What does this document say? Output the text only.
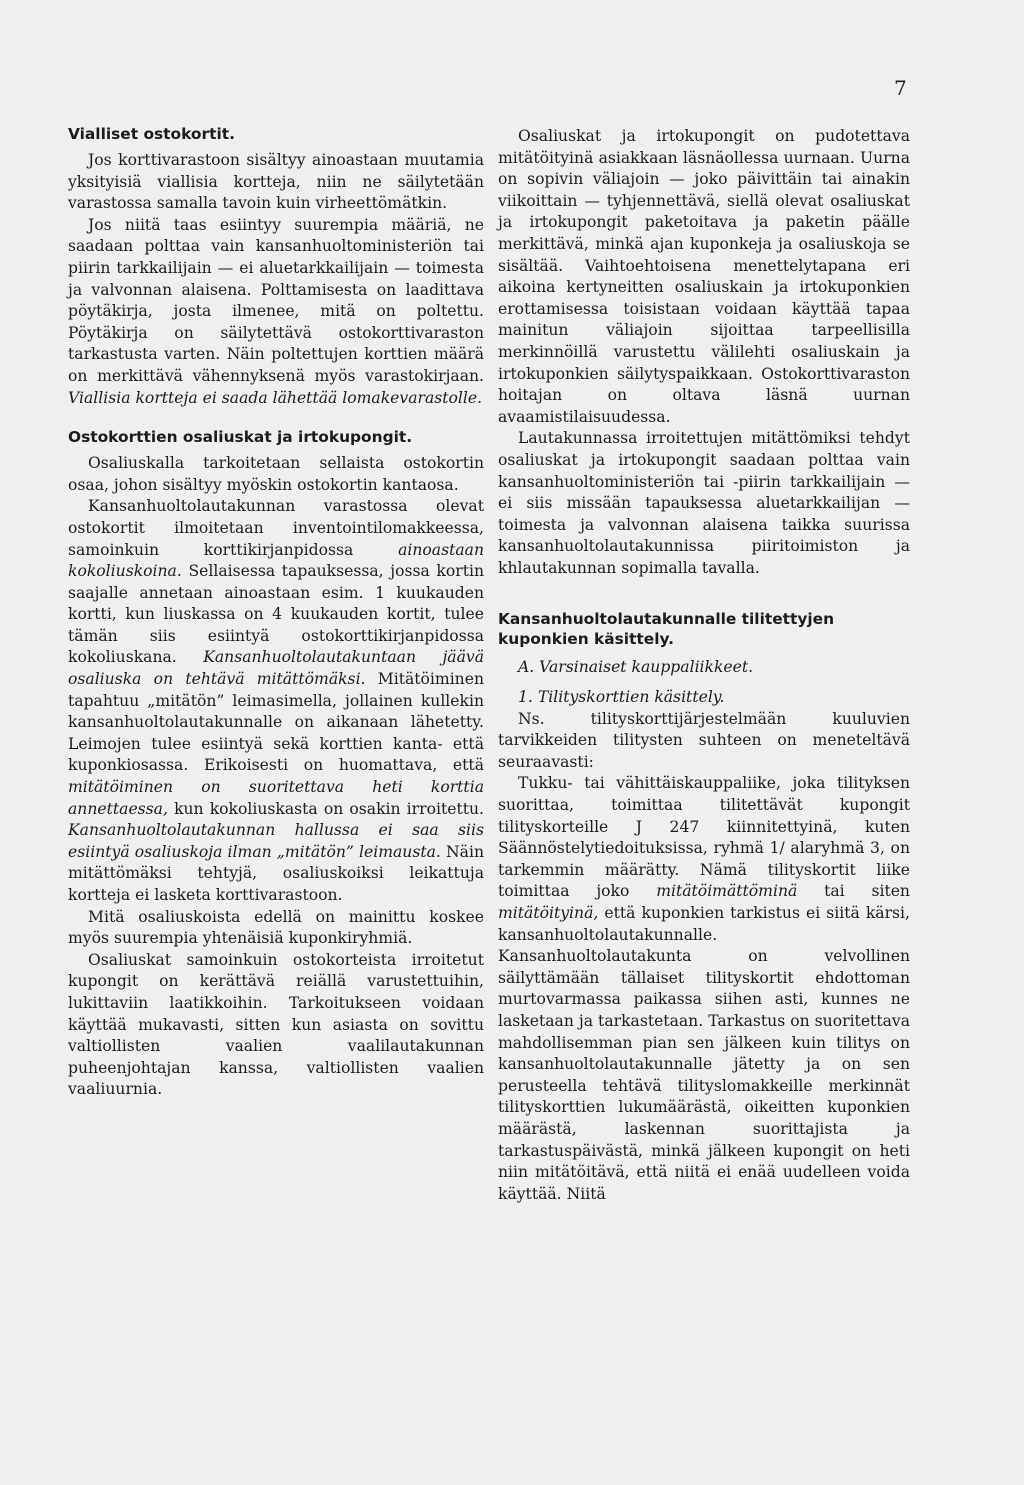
7
Vialliset ostokortit.

Jos korttivarastoon sisältyy ainoastaan muutamia yksityisiä viallisia kortteja, niin ne säilytetään varastossa samalla tavoin kuin virheettömätkin.

Jos niitä taas esiintyy suurempia määriä, ne saadaan polttaa vain kansanhuoltoministeriön tai piirin tarkkailijain — ei aluetarkkailijain — toimesta ja valvonnan alaisena. Polttamisesta on laadittava pöytäkirja, josta ilmenee, mitä on poltettu. Pöytäkirja on säilytettävä ostokorttivaraston tarkastusta varten. Näin poltettujen korttien määrä on merkittävä vähennyksenä myös varastokirjaan. Viallisia kortteja ei saada lähettää lomakevarastolle.

Ostokorttien osaliuskat ja irtokupongit.

Osaliuskalla tarkoitetaan sellaista ostokortin osaa, johon sisältyy myöskin ostokortin kantaosa.

Kansanhuoltolautakunnan varastossa olevat ostokortit ilmoitetaan inventointilomakkeessa, samoinkuin korttikirjanpidossa	ainoastaan kokoliuskoina. Sellaisessa tapauksessa, jossa kortin saajalle annetaan ainoastaan esim. 1 kuukauden kortti, kun liuskassa on 4 kuukauden kortit, tulee tämän siis esiintyä ostokorttikirjanpidossa kokoliuskana. Kansanhuoltolautakuntaan jäävä osaliuska on tehtävä mitättömäksi. Mitätöiminen tapahtuu „mitätön” leimasimella, jollainen kullekin kansanhuoltolautakunnalle on aikanaan lähetetty. Leimojen tulee esiintyä sekä korttien kanta- että kuponkiosassa. Erikoisesti on huomattava, että mitätöiminen on suoritettava heti korttia annettaessa, kun kokoliuskasta on osakin irroitettu. Kansanhuoltolautakunnan hallussa ei saa siis esiintyä osaliuskoja ilman „mitätön” leimausta. Näin mitättömäksi tehtyjä, osaliuskoiksi leikattuja kortteja ei lasketa korttivarastoon.

Mitä osaliuskoista edellä on mainittu koskee myös suurempia yhtenäisiä kuponkiryhmiä.

Osaliuskat samoinkuin ostokorteista irroitetut kupongit on kerättävä reiällä varustettuihin, lukittaviin laatikkoihin. Tarkoitukseen voidaan käyttää mukavasti, sitten kun asiasta on sovittu valtiollisten vaalien vaalilautakunnan puheenjohtajan kanssa, valtiollisten vaalien vaaliuurnia.

Osaliuskat ja irtokupongit on pudotettava mitätöityinä asiakkaan läsnäollessa uurnaan. Uurna on sopivin väliajoin — joko päivittäin tai ainakin viikoittain — tyhjennettävä, siellä olevat osaliuskat ja irtokupongit paketoitava ja paketin päälle merkittävä, minkä ajan kuponkeja ja osaliuskoja se sisältää. Vaihtoehtoisena menettelytapana eri aikoina kertyneitten osaliuskain ja irtokuponkien erottamisessa toisistaan voidaan käyttää tapaa mainitun väliajoin sijoittaa tarpeellisilla merkinnöillä varustettu välilehti osaliuskain ja irtokuponkien säilytyspaikkaan. Ostokorttivaraston hoitajan on oltava läsnä uurnan avaamistilaisuudessa.

Lautakunnassa irroitettujen mitättömiksi tehdyt osaliuskat ja irtokupongit saadaan polttaa vain kansanhuoltoministeriön tai -piirin tarkkailijain — ei siis missään tapauksessa aluetarkkailijan — toimesta ja valvonnan alaisena taikka suurissa kansanhuoltolautakunnissa piiritoimiston ja khlautakunnan sopimalla tavalla.

Kansanhuoltolautakunnalle tilitettyjen kuponkien käsittely.

A. Varsinaiset kauppaliikkeet.

1. Tilityskorttien käsittely.

Ns. tilityskorttijärjestelmään kuuluvien tarvikkeiden tilitysten suhteen on meneteltävä seuraavasti:

Tukku- tai vähittäiskauppaliike, joka tilityksen suorittaa, toimittaa tilitettävät kupongit tilityskorteille J 247 kiinnitettyinä, kuten Säännöstelytiedoituksissa, ryhmä 1/ alaryhmä 3, on tarkemmin määrätty. Nämä tilityskortit liike toimittaa joko mitätöimättöminä tai siten mitätöityinä, että kuponkien tarkistus ei siitä kärsi, kansanhuoltolautakunnalle. Kansanhuoltolautakunta on velvollinen säilyttämään tällaiset tilityskortit ehdottoman murtovarmassa paikassa siihen asti, kunnes ne lasketaan ja tarkastetaan. Tarkastus on suoritettava mahdollisemman pian sen jälkeen kuin tilitys on kansanhuoltolautakunnalle jätetty ja on sen perusteella tehtävä tilityslomakkeille merkinnät tilityskorttien lukumäärästä, oikeitten kuponkien määrästä, laskennan suorittajista ja tarkastuspäivästä, minkä jälkeen kupongit on heti niin mitätöitävä, että niitä ei enää uudelleen voida käyttää. Niitä
